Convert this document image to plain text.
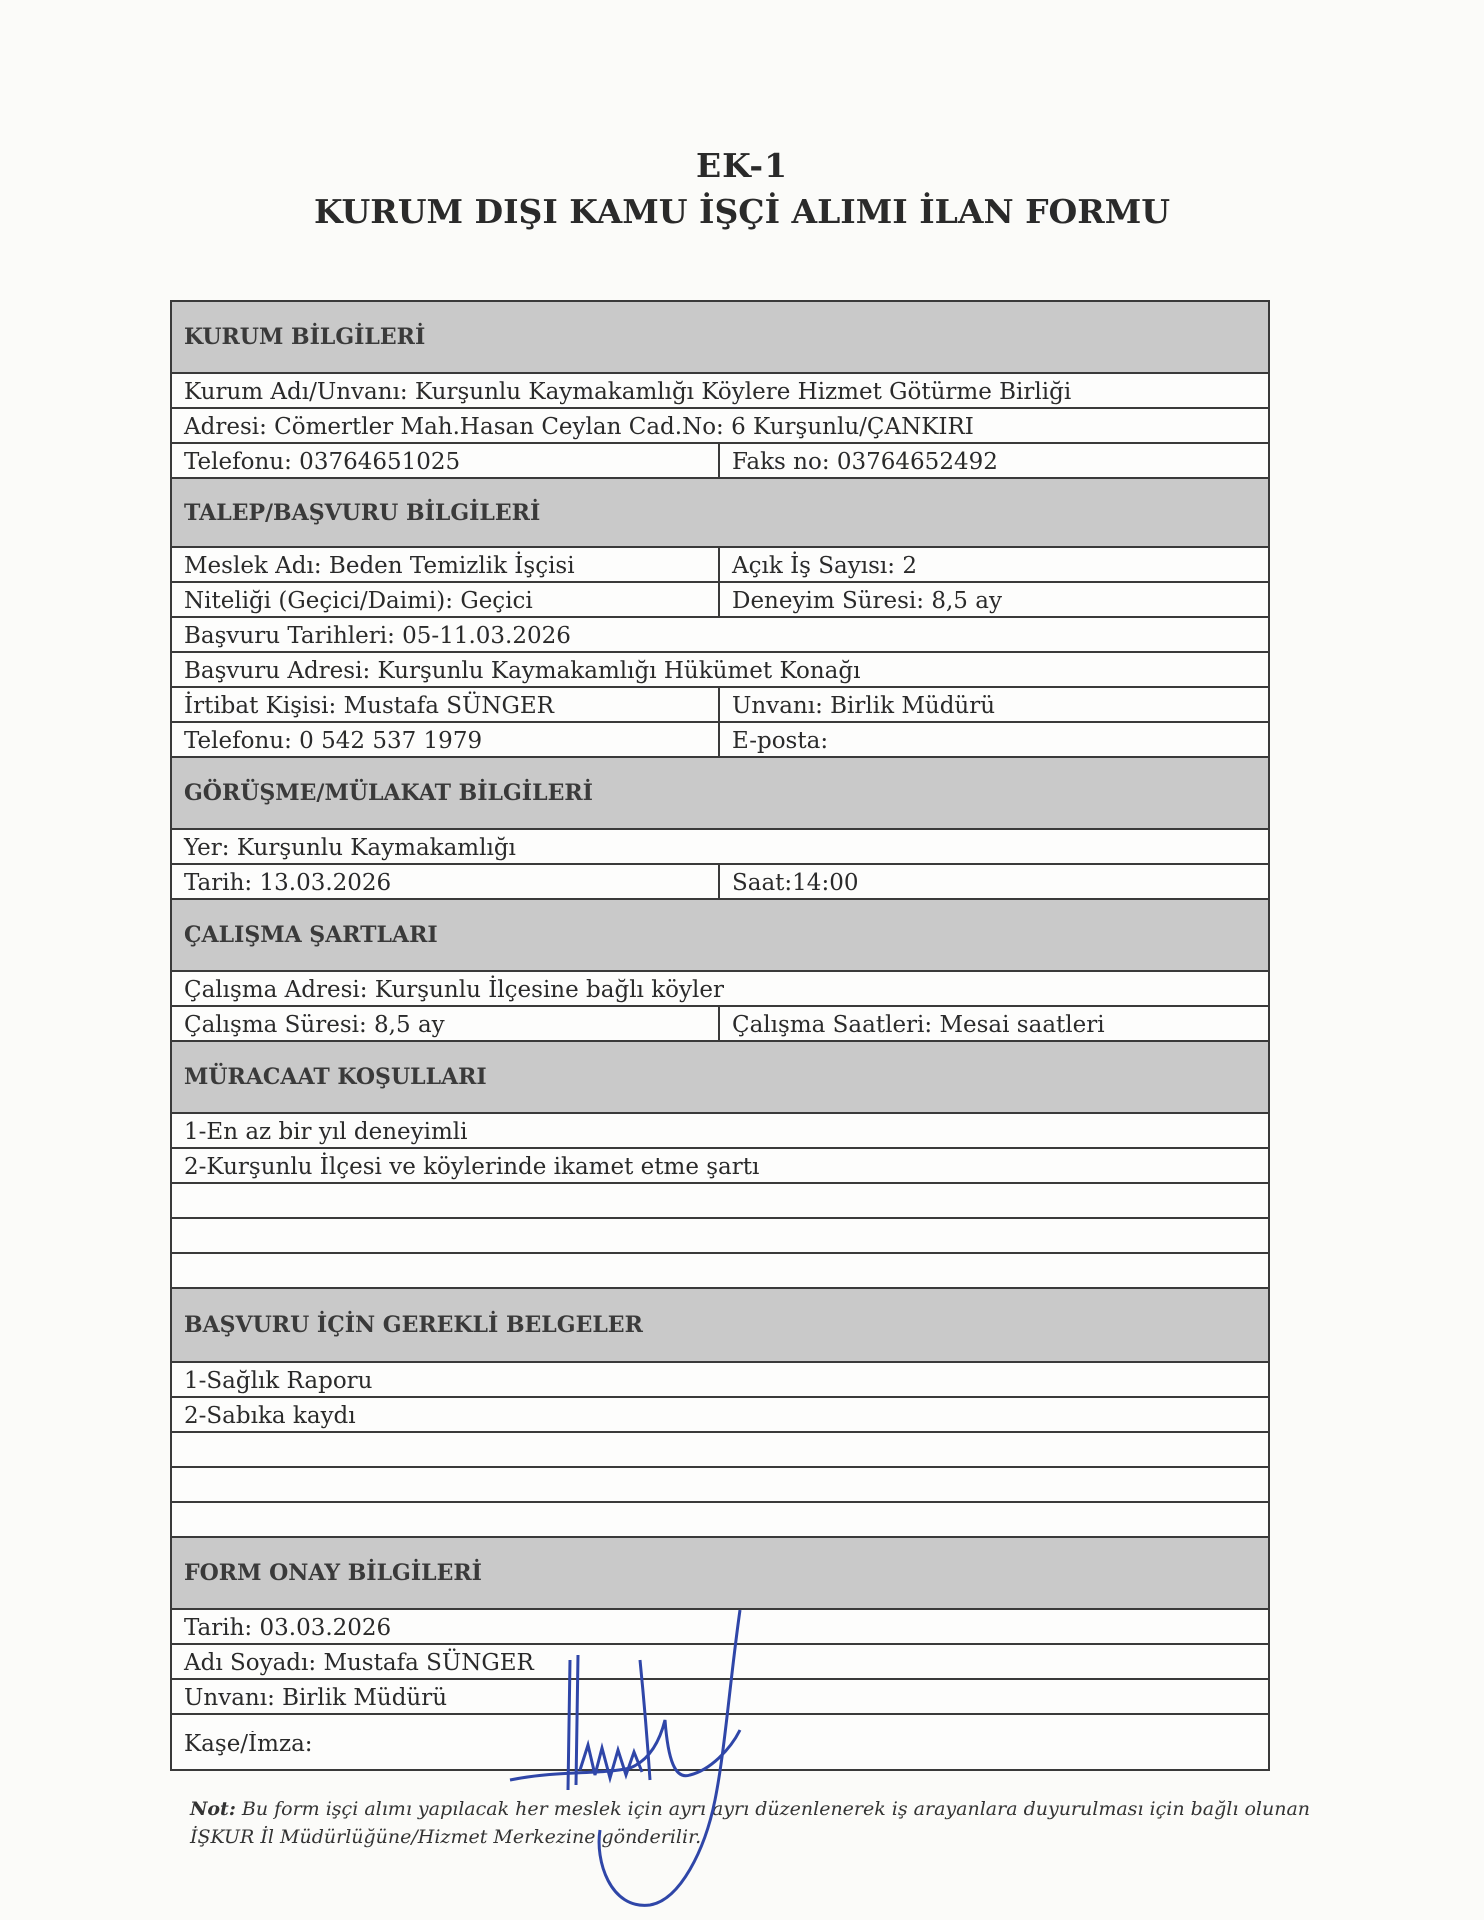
EK-1
KURUM DIŞI KAMU İŞÇİ ALIMI İLAN FORMU
KURUM BİLGİLERİ
Kurum Adı/Unvanı: Kurşunlu Kaymakamlığı Köylere Hizmet Götürme Birliği
Adresi: Cömertler Mah.Hasan Ceylan Cad.No: 6 Kurşunlu/ÇANKIRI
Telefonu: 03764651025	Faks no: 03764652492
TALEP/BAŞVURU BİLGİLERİ
Meslek Adı: Beden Temizlik İşçisi	Açık İş Sayısı: 2
Niteliği (Geçici/Daimi): Geçici	Deneyim Süresi: 8,5 ay
Başvuru Tarihleri: 05-11.03.2026
Başvuru Adresi: Kurşunlu Kaymakamlığı Hükümet Konağı
İrtibat Kişisi: Mustafa SÜNGER	Unvanı: Birlik Müdürü
Telefonu: 0 542 537 1979	E-posta:
GÖRÜŞME/MÜLAKAT BİLGİLERİ
Yer: Kurşunlu Kaymakamlığı
Tarih: 13.03.2026	Saat:14:00
ÇALIŞMA ŞARTLARI
Çalışma Adresi: Kurşunlu İlçesine bağlı köyler
Çalışma Süresi: 8,5 ay	Çalışma Saatleri: Mesai saatleri
MÜRACAAT KOŞULLARI
1-En az bir yıl deneyimli
2-Kurşunlu İlçesi ve köylerinde ikamet etme şartı
BAŞVURU İÇİN GEREKLİ BELGELER
1-Sağlık Raporu
2-Sabıka kaydı
FORM ONAY BİLGİLERİ
Tarih: 03.03.2026
Adı Soyadı: Mustafa SÜNGER
Unvanı: Birlik Müdürü
Kaşe/İmza:
Not: Bu form işçi alımı yapılacak her meslek için ayrı ayrı düzenlenerek iş arayanlara duyurulması için bağlı olunan İŞKUR İl Müdürlüğüne/Hizmet Merkezine gönderilir.
